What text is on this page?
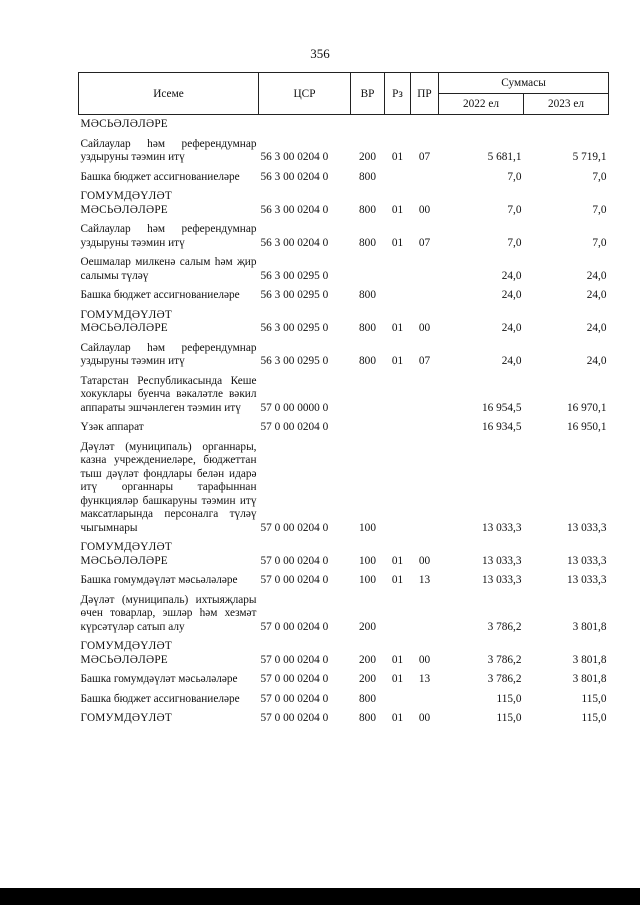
356
Исеме	ЦСР	ВР	Рз	ПР	Суммасы	
					2022 ел	2023 ел
МӘСЬӘЛӘЛӘРЕ						
Сайлаулар һәм референдумнар уздыруны тәэмин итү	56 3 00 0204 0	200	01	07	5 681,1	5 719,1
Башка бюджет ассигнованиеләре	56 3 00 0204 0	800			7,0	7,0
ГОМУМДӘҮЛӘТ МӘСЬӘЛӘЛӘРЕ	56 3 00 0204 0	800	01	00	7,0	7,0
Сайлаулар һәм референдумнар уздыруны тәэмин итү	56 3 00 0204 0	800	01	07	7,0	7,0
Оешмалар милкенә салым һәм җир салымы түләү	56 3 00 0295 0				24,0	24,0
Башка бюджет ассигнованиеләре	56 3 00 0295 0	800			24,0	24,0
ГОМУМДӘҮЛӘТ МӘСЬӘЛӘЛӘРЕ	56 3 00 0295 0	800	01	00	24,0	24,0
Сайлаулар һәм референдумнар уздыруны тәэмин итү	56 3 00 0295 0	800	01	07	24,0	24,0
Татарстан Республикасында Кеше хокуклары буенча вәкаләтле вәкил аппараты эшчәнлеген тәэмин итү	57 0 00 0000 0				16 954,5	16 970,1
Үзәк аппарат	57 0 00 0204 0				16 934,5	16 950,1
Дәүләт (муниципаль) органнары, казна учреждениеләре, бюджеттан тыш дәүләт фондлары белән идарә итү органнары тарафыннан функцияләр башкаруны тәэмин итү максатларында персоналга түләү чыгымнары	57 0 00 0204 0	100			13 033,3	13 033,3
ГОМУМДӘҮЛӘТ МӘСЬӘЛӘЛӘРЕ	57 0 00 0204 0	100	01	00	13 033,3	13 033,3
Башка гомумдәүләт мәсьәләләре	57 0 00 0204 0	100	01	13	13 033,3	13 033,3
Дәүләт (муниципаль) ихтыяҗлары өчен товарлар, эшләр һәм хезмәт күрсәтүләр сатып алу	57 0 00 0204 0	200			3 786,2	3 801,8
ГОМУМДӘҮЛӘТ МӘСЬӘЛӘЛӘРЕ	57 0 00 0204 0	200	01	00	3 786,2	3 801,8
Башка гомумдәүләт мәсьәләләре	57 0 00 0204 0	200	01	13	3 786,2	3 801,8
Башка бюджет ассигнованиеләре	57 0 00 0204 0	800			115,0	115,0
ГОМУМДӘҮЛӘТ	57 0 00 0204 0	800	01	00	115,0	115,0
